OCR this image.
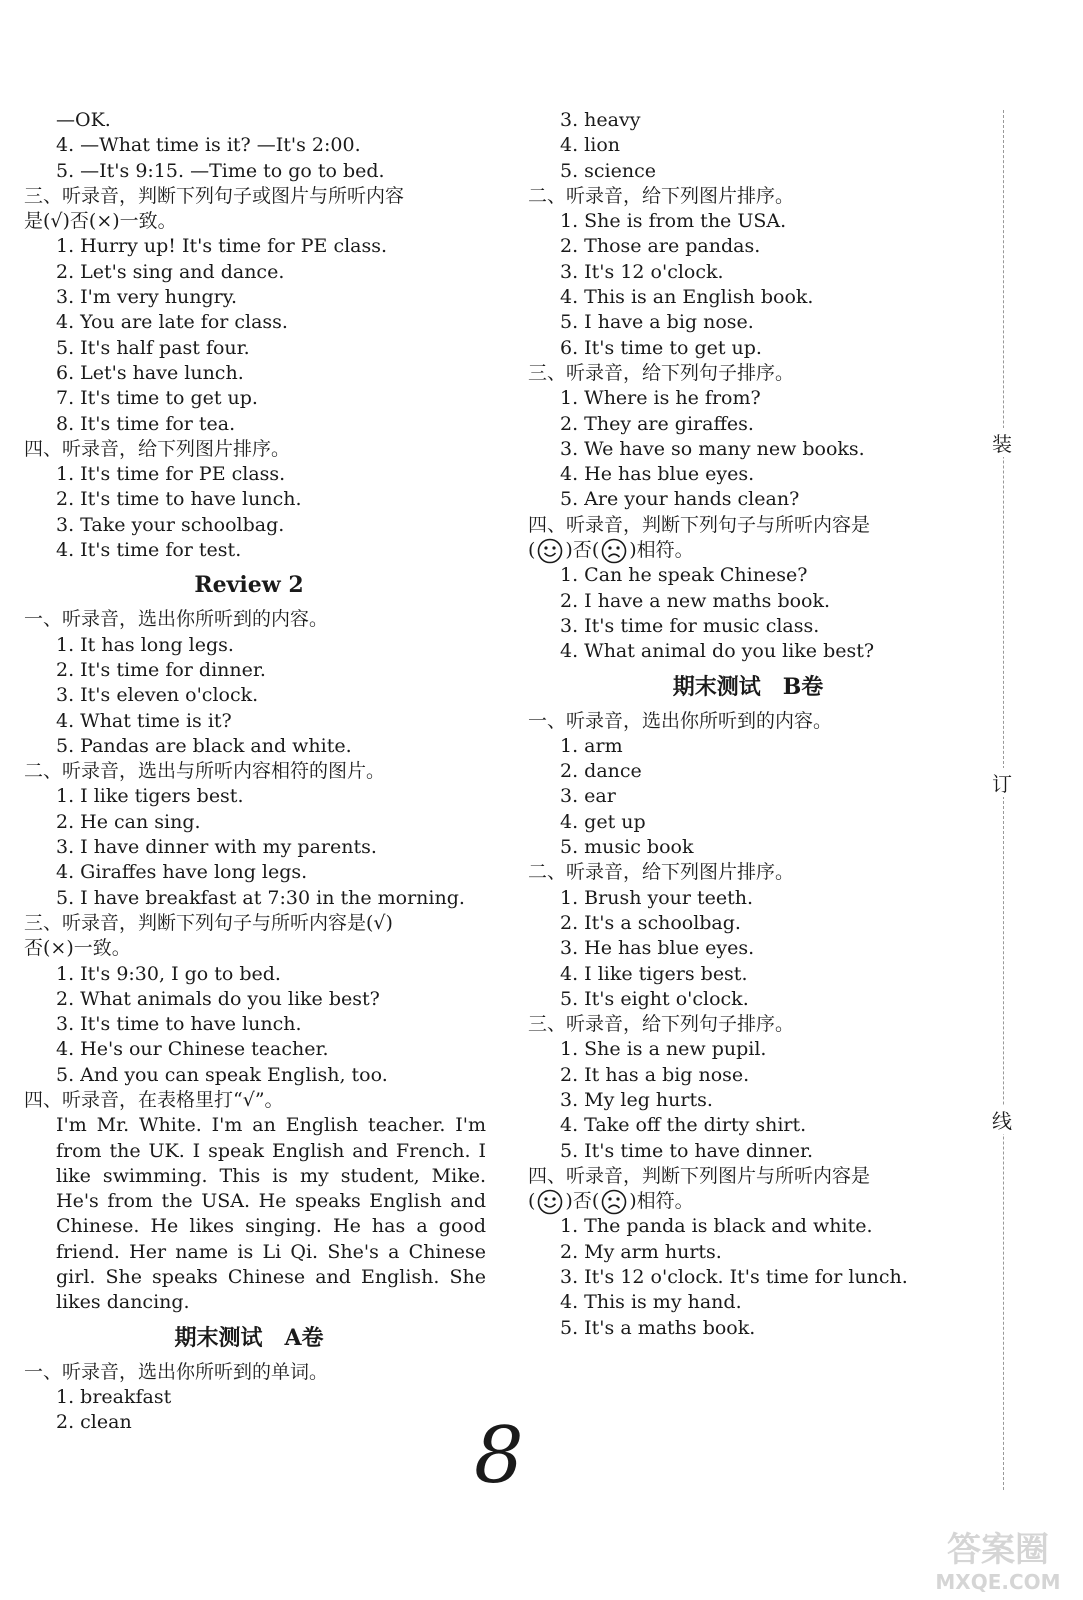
—OK.
4. —What time is it? —It's 2:00.
5. —It's 9:15. —Time to go to bed.
三、听录音，判断下列句子或图片与所听内容
是(√)否(×)一致。
1. Hurry up! It's time for PE class.
2. Let's sing and dance.
3. I'm very hungry.
4. You are late for class.
5. It's half past four.
6. Let's have lunch.
7. It's time to get up.
8. It's time for tea.
四、听录音，给下列图片排序。
1. It's time for PE class.
2. It's time to have lunch.
3. Take your schoolbag.
4. It's time for test.
Review 2
一、听录音，选出你所听到的内容。
1. It has long legs.
2. It's time for dinner.
3. It's eleven o'clock.
4. What time is it?
5. Pandas are black and white.
二、听录音，选出与所听内容相符的图片。
1. I like tigers best.
2. He can sing.
3. I have dinner with my parents.
4. Giraffes have long legs.
5. I have breakfast at 7:30 in the morning.
三、听录音，判断下列句子与所听内容是(√)
否(×)一致。
1. It's 9:30, I go to bed.
2. What animals do you like best?
3. It's time to have lunch.
4. He's our Chinese teacher.
5. And you can speak English, too.
四、听录音，在表格里打“√”。
I'm Mr. White. I'm an English teacher. I'm from the UK. I speak English and French. I like swimming. This is my student, Mike. He's from the USA. He speaks English and Chinese. He likes singing. He has a good friend. Her name is Li Qi. She's a Chinese girl. She speaks Chinese and English. She likes dancing.
期末测试　A卷
一、听录音，选出你所听到的单词。
1. breakfast
2. clean
3. heavy
4. lion
5. science
二、听录音，给下列图片排序。
1. She is from the USA.
2. Those are pandas.
3. It's 12 o'clock.
4. This is an English book.
5. I have a big nose.
6. It's time to get up.
三、听录音，给下列句子排序。
1. Where is he from?
2. They are giraffes.
3. We have so many new books.
4. He has blue eyes.
5. Are your hands clean?
四、听录音，判断下列句子与所听内容是
( )否( )相符。
1. Can he speak Chinese?
2. I have a new maths book.
3. It's time for music class.
4. What animal do you like best?
期末测试　B卷
一、听录音，选出你所听到的内容。
1. arm
2. dance
3. ear
4. get up
5. music book
二、听录音，给下列图片排序。
1. Brush your teeth.
2. It's a schoolbag.
3. He has blue eyes.
4. I like tigers best.
5. It's eight o'clock.
三、听录音，给下列句子排序。
1. She is a new pupil.
2. It has a big nose.
3. My leg hurts.
4. Take off the dirty shirt.
5. It's time to have dinner.
四、听录音，判断下列图片与所听内容是
( )否( )相符。
1. The panda is black and white.
2. My arm hurts.
3. It's 12 o'clock. It's time for lunch.
4. This is my hand.
5. It's a maths book.
装
订
线
8
答案圈
MXQE.COM
